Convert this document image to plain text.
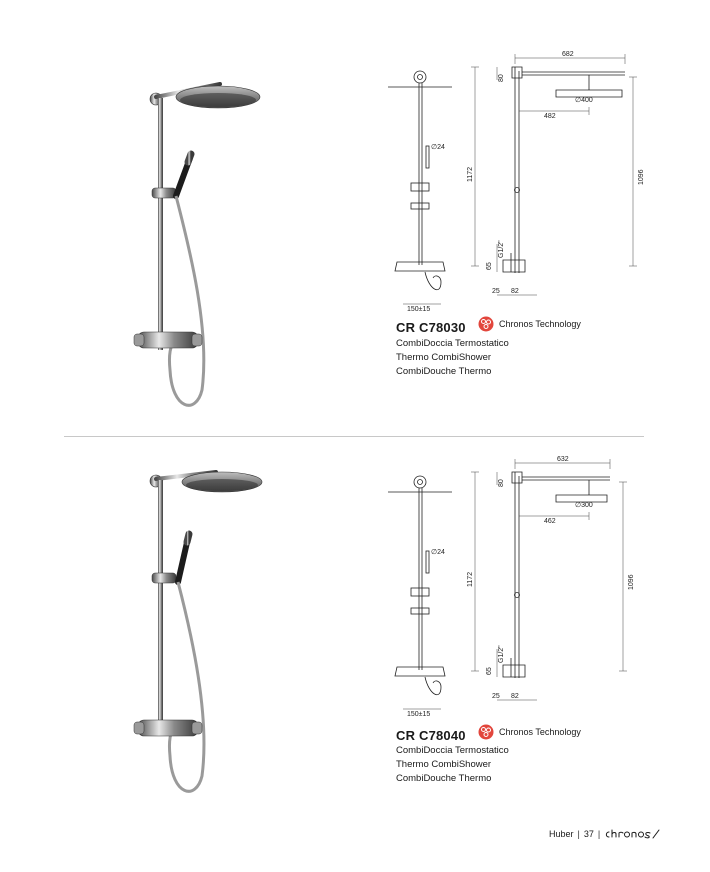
682
∅400
482
1172	1096
80
∅24
G1/2"
65
25 82
150±15
CR C78030	Chronos Technology
CombiDoccia Termostatico
Thermo CombiShower
CombiDouche Thermo
632
∅300
462
1172	1096
80
∅24
G1/2"
65
25 82
150±15
CR C78040	Chronos Technology
CombiDoccia Termostatico
Thermo CombiShower
CombiDouche Thermo
Huber | 37 |
